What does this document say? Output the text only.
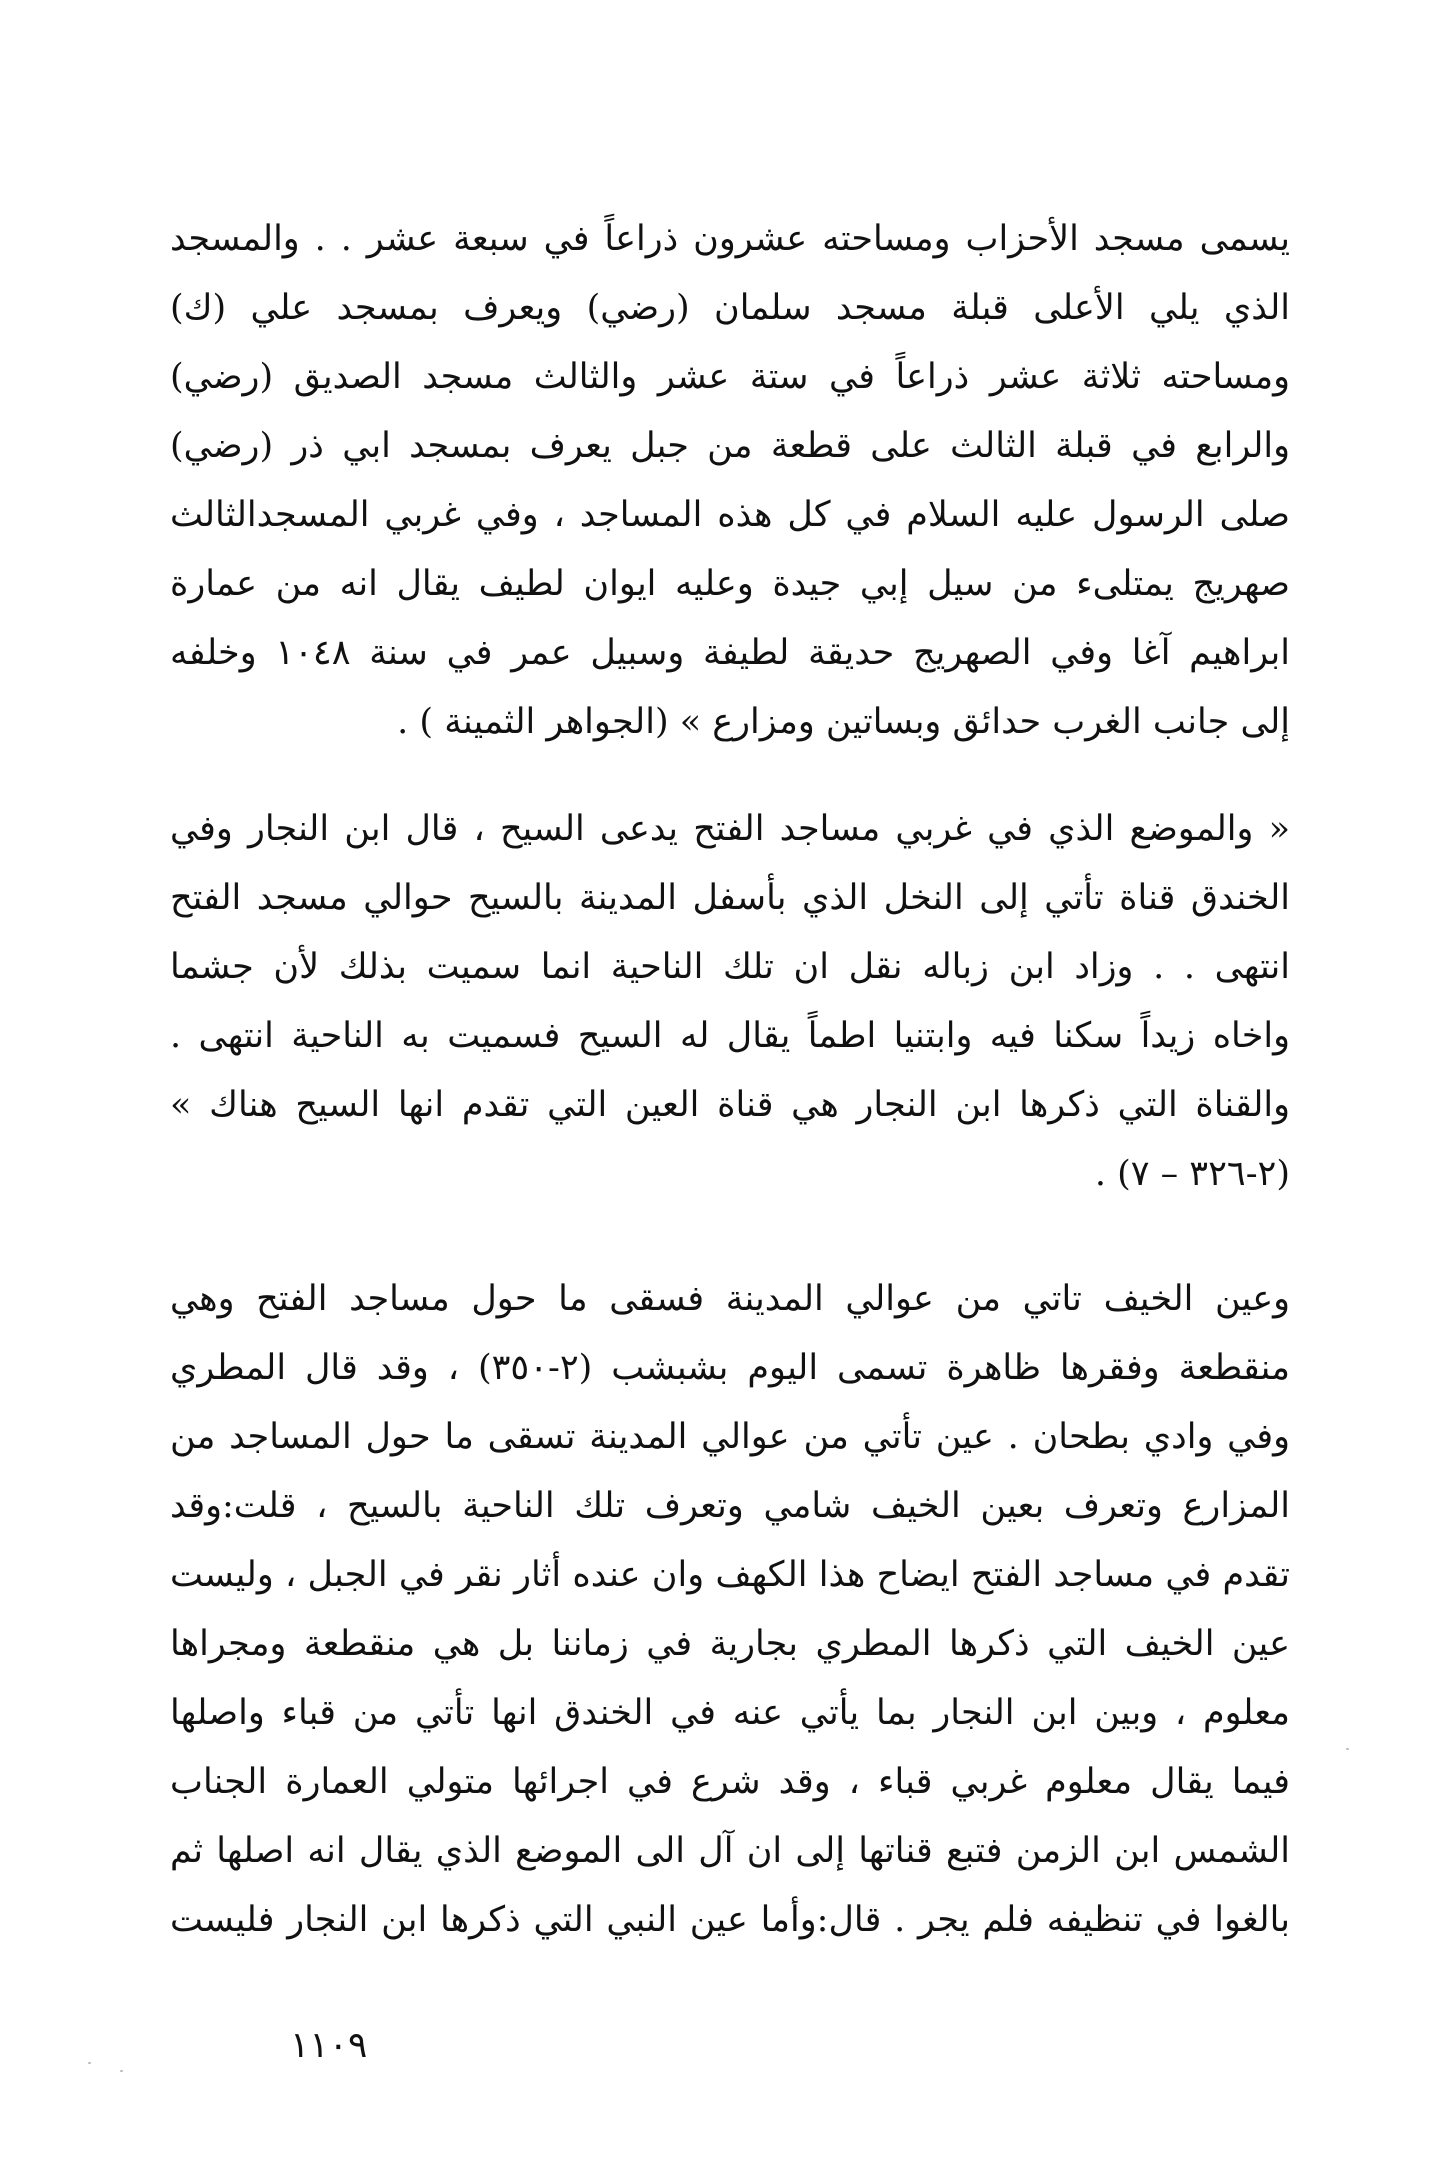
يسمى مسجد الأحزاب ومساحته عشرون ذراعاً في سبعة عشر . . والمسجد
الذي يلي الأعلى قبلة مسجد سلمان (رضي) ويعرف بمسجد علي (ك)
ومساحته ثلاثة عشر ذراعاً في ستة عشر والثالث مسجد الصديق (رضي)
والرابع في قبلة الثالث على قطعة من جبل يعرف بمسجد ابي ذر (رضي)
صلى الرسول عليه السلام في كل هذه المساجد ، وفي غربي المسجدالثالث
صهريج يمتلىء من سيل إبي جيدة وعليه ايوان لطيف يقال انه من عمارة
ابراهيم آغا وفي الصهريج حديقة لطيفة وسبيل عمر في سنة ١٠٤٨ وخلفه
إلى جانب الغرب حدائق وبساتين ومزارع » (الجواهر الثمينة ) .
« والموضع الذي في غربي مساجد الفتح يدعى السيح ، قال ابن النجار وفي
الخندق قناة تأتي إلى النخل الذي بأسفل المدينة بالسيح حوالي مسجد الفتح
انتهى . . وزاد ابن زباله نقل ان تلك الناحية انما سميت بذلك لأن جشما
واخاه زيداً سكنا فيه وابتنيا اطماً يقال له السيح فسميت به الناحية انتهى .
والقناة التي ذكرها ابن النجار هي قناة العين التي تقدم انها السيح هناك »
(٢-٣٢٦ – ٧) .
وعين الخيف تاتي من عوالي المدينة فسقى ما حول مساجد الفتح وهي
منقطعة وفقرها ظاهرة تسمى اليوم بشبشب (٢-٣٥٠) ، وقد قال المطري
وفي وادي بطحان . عين تأتي من عوالي المدينة تسقى ما حول المساجد من
المزارع وتعرف بعين الخيف شامي وتعرف تلك الناحية بالسيح ، قلت:وقد
تقدم في مساجد الفتح ايضاح هذا الكهف وان عنده أثار نقر في الجبل ، وليست
عين الخيف التي ذكرها المطري بجارية في زماننا بل هي منقطعة ومجراها
معلوم ، وبين ابن النجار بما يأتي عنه في الخندق انها تأتي من قباء واصلها
فيما يقال معلوم غربي قباء ، وقد شرع في اجرائها متولي العمارة الجناب
الشمس ابن الزمن فتبع قناتها إلى ان آل الى الموضع الذي يقال انه اصلها ثم
بالغوا في تنظيفه فلم يجر . قال:وأما عين النبي التي ذكرها ابن النجار فليست
١١٠٩
